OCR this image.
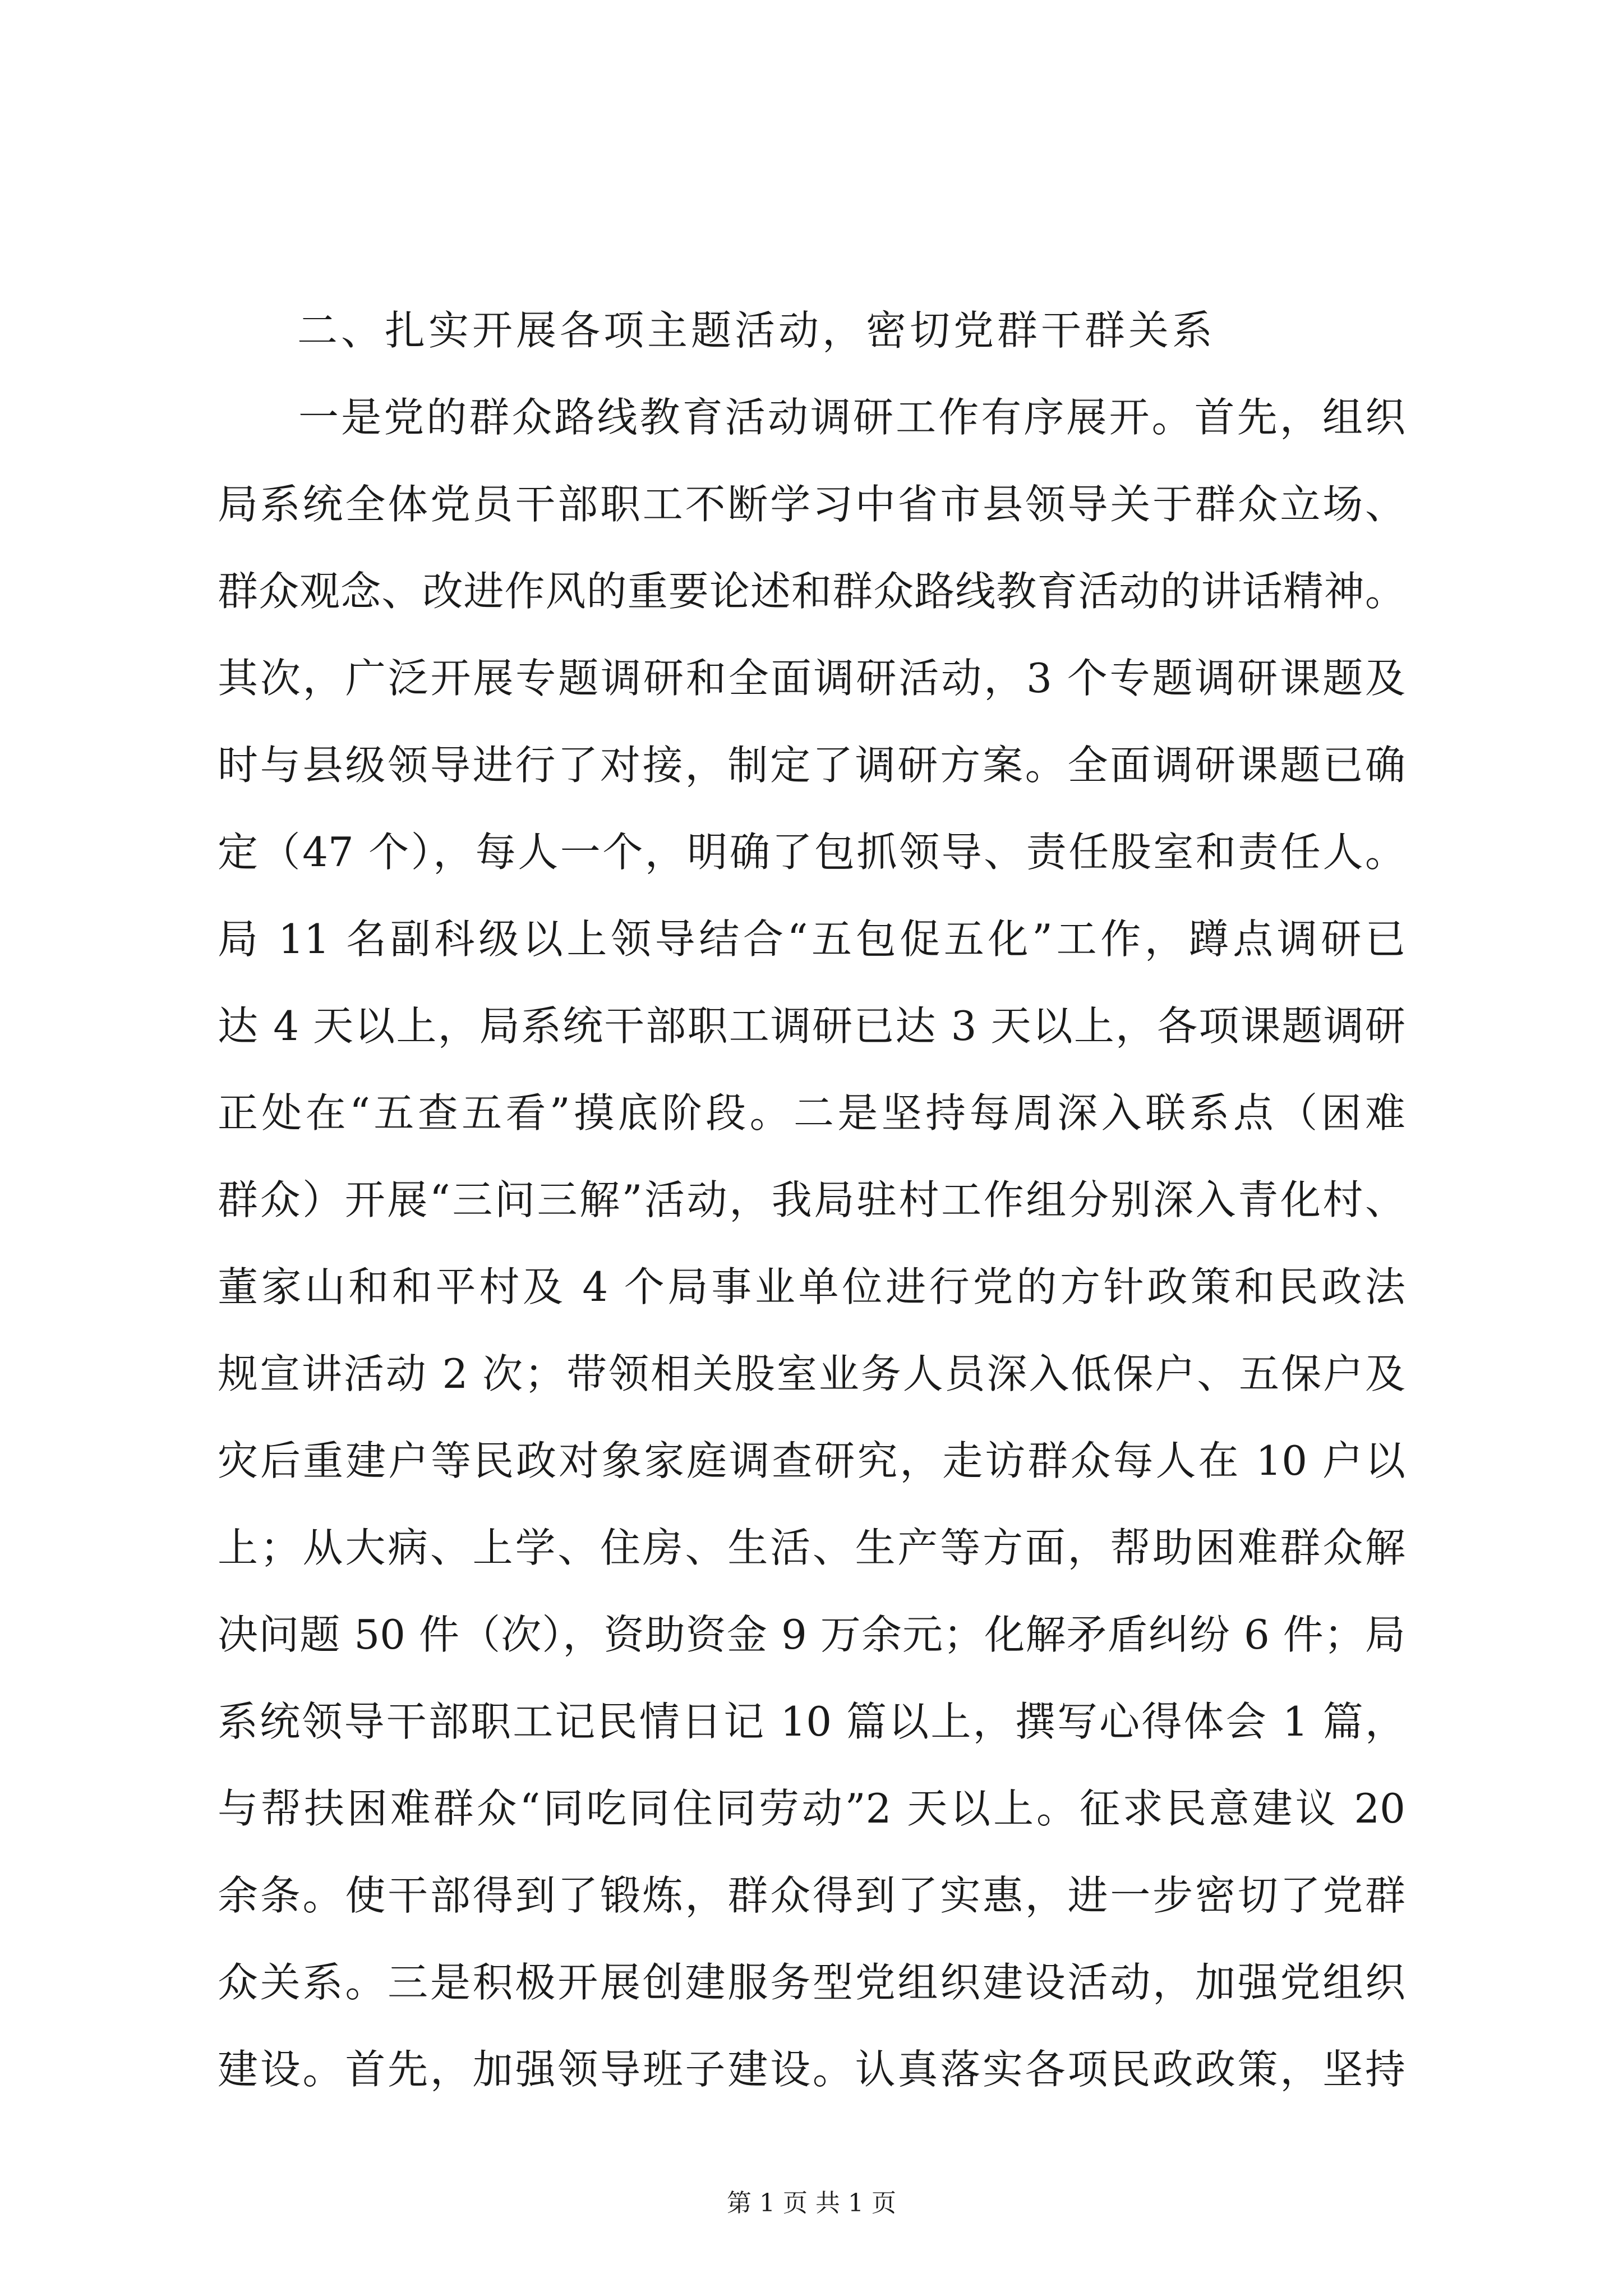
二、扎实开展各项主题活动，密切党群干群关系
一是党的群众路线教育活动调研工作有序展开。首先，组织
局系统全体党员干部职工不断学习中省市县领导关于群众立场、
群众观念、改进作风的重要论述和群众路线教育活动的讲话精神。
其次，广泛开展专题调研和全面调研活动，3 个专题调研课题及
时与县级领导进行了对接，制定了调研方案。全面调研课题已确
定（47 个），每人一个，明确了包抓领导、责任股室和责任人。
局 11 名副科级以上领导结合“五包促五化”工作，蹲点调研已
达 4 天以上，局系统干部职工调研已达 3 天以上，各项课题调研
正处在“五查五看”摸底阶段。二是坚持每周深入联系点（困难
群众）开展“三问三解”活动，我局驻村工作组分别深入青化村、
董家山和和平村及 4 个局事业单位进行党的方针政策和民政法
规宣讲活动 2 次；带领相关股室业务人员深入低保户、五保户及
灾后重建户等民政对象家庭调查研究，走访群众每人在 10 户以
上；从大病、上学、住房、生活、生产等方面，帮助困难群众解
决问题 50 件（次），资助资金 9 万余元；化解矛盾纠纷 6 件；局
系统领导干部职工记民情日记 10 篇以上，撰写心得体会 1 篇，
与帮扶困难群众“同吃同住同劳动”2 天以上。征求民意建议 20
余条。使干部得到了锻炼，群众得到了实惠，进一步密切了党群
众关系。三是积极开展创建服务型党组织建设活动，加强党组织
建设。首先，加强领导班子建设。认真落实各项民政政策，坚持
第 1 页 共 1 页
